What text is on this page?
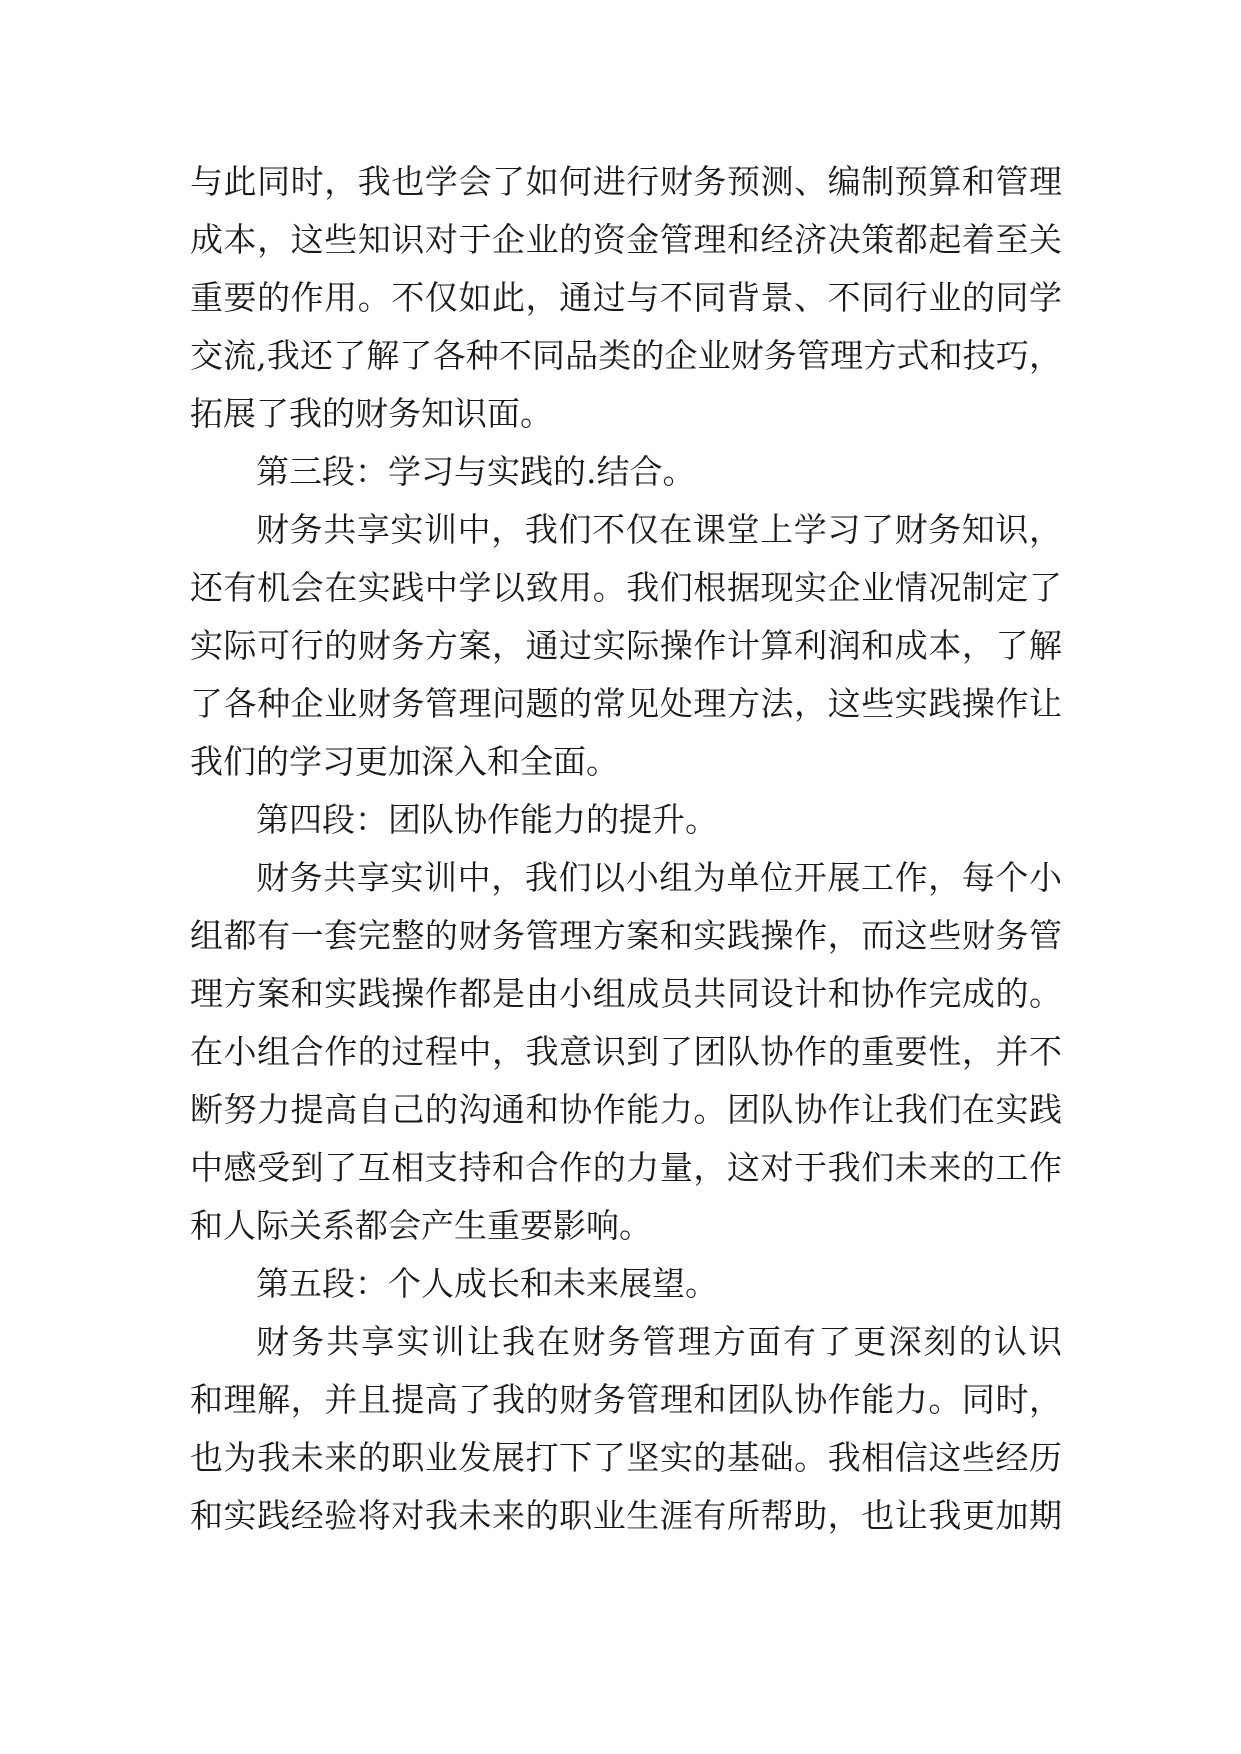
与此同时，我也学会了如何进行财务预测、编制预算和管理
成本，这些知识对于企业的资金管理和经济决策都起着至关
重要的作用。不仅如此，通过与不同背景、不同行业的同学
交流,我还了解了各种不同品类的企业财务管理方式和技巧，
拓展了我的财务知识面。
第三段：学习与实践的.结合。
财务共享实训中，我们不仅在课堂上学习了财务知识，
还有机会在实践中学以致用。我们根据现实企业情况制定了
实际可行的财务方案，通过实际操作计算利润和成本，了解
了各种企业财务管理问题的常见处理方法，这些实践操作让
我们的学习更加深入和全面。
第四段：团队协作能力的提升。
财务共享实训中，我们以小组为单位开展工作，每个小
组都有一套完整的财务管理方案和实践操作，而这些财务管
理方案和实践操作都是由小组成员共同设计和协作完成的。
在小组合作的过程中，我意识到了团队协作的重要性，并不
断努力提高自己的沟通和协作能力。团队协作让我们在实践
中感受到了互相支持和合作的力量，这对于我们未来的工作
和人际关系都会产生重要影响。
第五段：个人成长和未来展望。
财务共享实训让我在财务管理方面有了更深刻的认识
和理解，并且提高了我的财务管理和团队协作能力。同时，
也为我未来的职业发展打下了坚实的基础。我相信这些经历
和实践经验将对我未来的职业生涯有所帮助，也让我更加期
